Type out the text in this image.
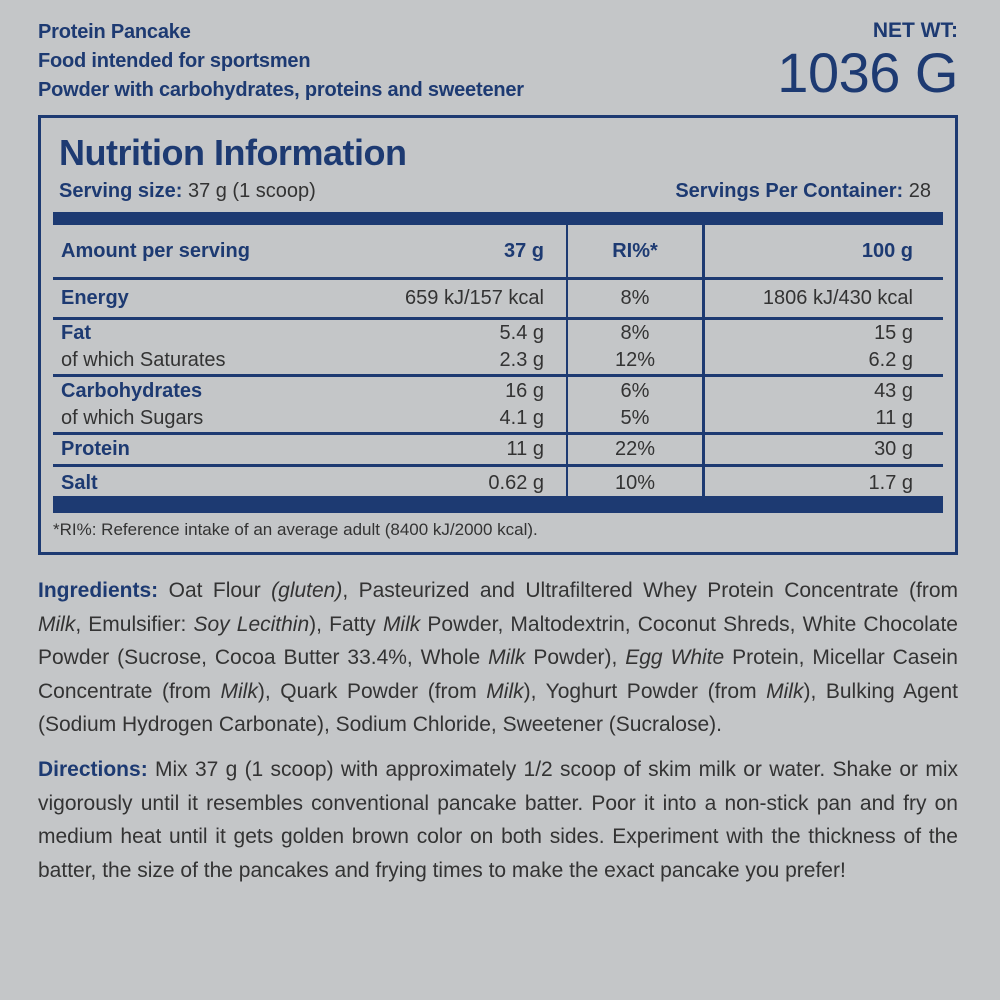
Protein Pancake
Food intended for sportsmen
Powder with carbohydrates, proteins and sweetener
NET WT:
1036 G
Nutrition Information
Serving size: 37 g (1 scoop)	Servings Per Container: 28
Amount per serving	37 g	RI%*	100 g
Energy	659 kJ/157 kcal	8%	1806 kJ/430 kcal
Fat	5.4 g	8%	15 g
of which Saturates	2.3 g	12%	6.2 g
Carbohydrates	16 g	6%	43 g
of which Sugars	4.1 g	5%	11 g
Protein	11 g	22%	30 g
Salt	0.62 g	10%	1.7 g
*RI%: Reference intake of an average adult (8400 kJ/2000 kcal).
Ingredients: Oat Flour (gluten), Pasteurized and Ultrafiltered Whey Protein Concentrate (from Milk, Emulsifier: Soy Lecithin), Fatty Milk Powder, Maltodextrin, Coconut Shreds, White Chocolate Powder (Sucrose, Cocoa Butter 33.4%, Whole Milk Powder), Egg White Protein, Micellar Casein Concentrate (from Milk), Quark Powder (from Milk), Yoghurt Powder (from Milk), Bulking Agent (Sodium Hydrogen Carbonate), Sodium Chloride, Sweetener (Sucralose).
Directions: Mix 37 g (1 scoop) with approximately 1/2 scoop of skim milk or water. Shake or mix vigorously until it resembles conventional pancake batter. Poor it into a non-stick pan and fry on medium heat until it gets golden brown color on both sides. Experiment with the thickness of the batter, the size of the pancakes and frying times to make the exact pancake you prefer!
